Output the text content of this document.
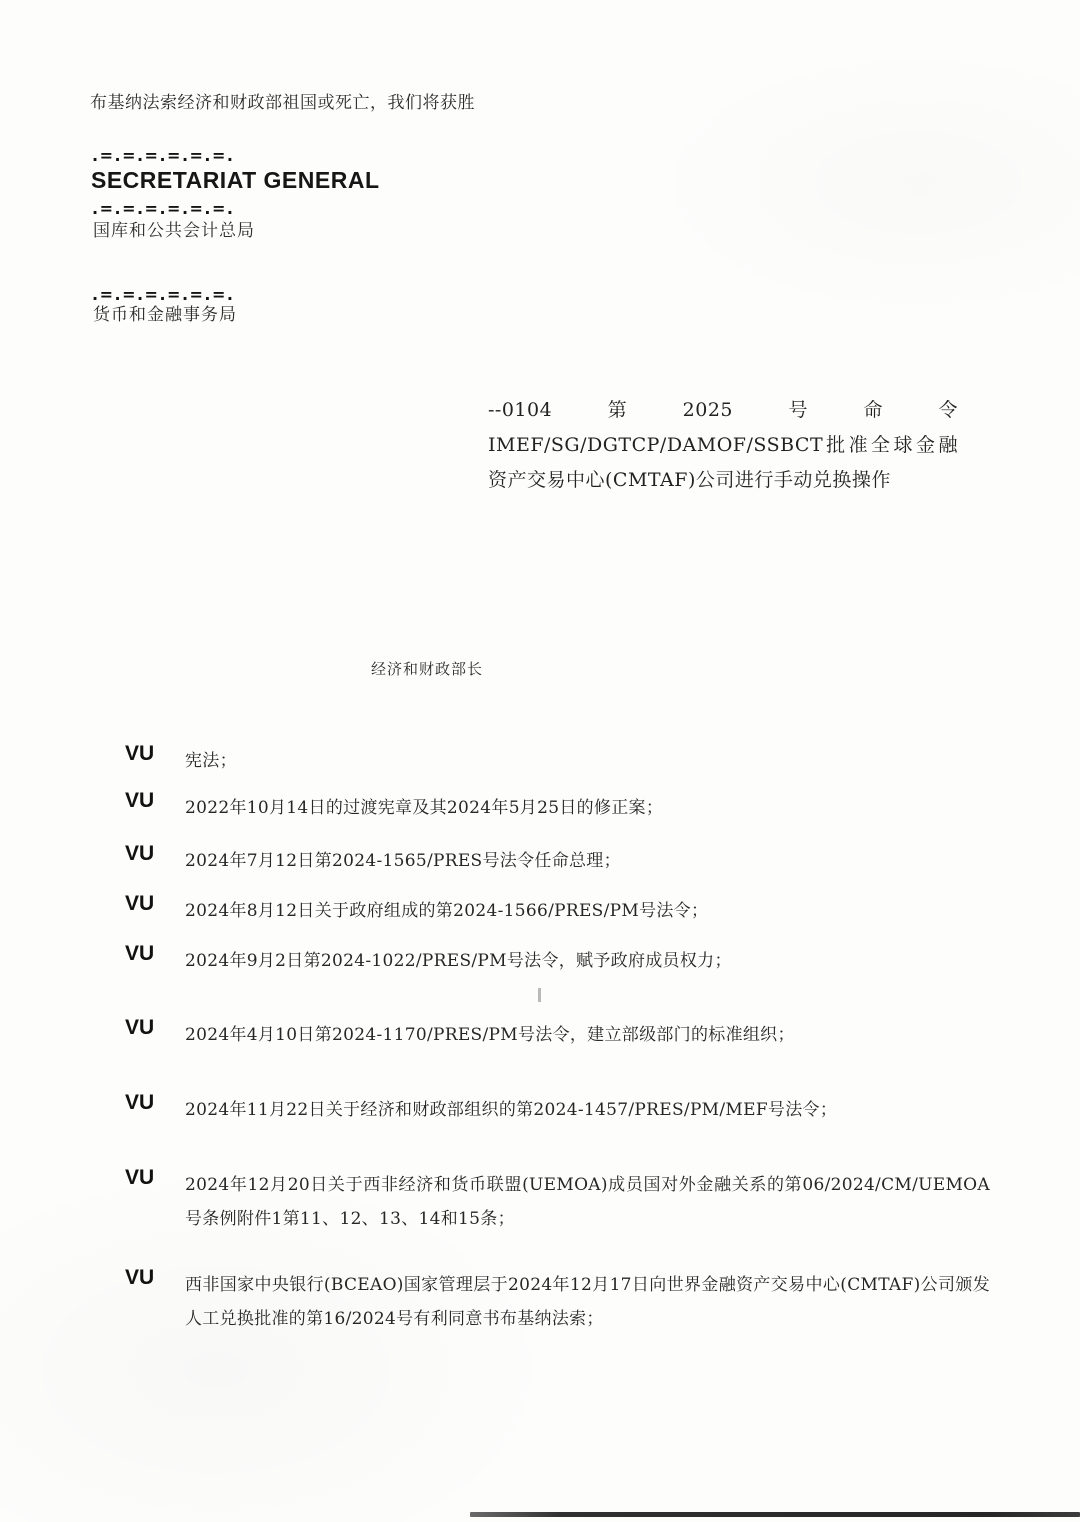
布基纳法索经济和财政部祖国或死亡，我们将获胜
.=.=.=.=.=.=.
SECRETARIAT GENERAL
.=.=.=.=.=.=.
国库和公共会计总局
.=.=.=.=.=.=.
货币和金融事务局
--0104第2025号命令IMEF/SG/DGTCP/DAMOF/SSBCT批准全球金融资产交易中心(CMTAF)公司进行手动兑换操作
经济和财政部长
VU 宪法；
VU 2022年10月14日的过渡宪章及其2024年5月25日的修正案；
VU 2024年7月12日第2024-1565/PRES号法令任命总理；
VU 2024年8月12日关于政府组成的第2024-1566/PRES/PM号法令；
VU 2024年9月2日第2024-1022/PRES/PM号法令，赋予政府成员权力；
VU 2024年4月10日第2024-1170/PRES/PM号法令，建立部级部门的标准组织；
VU 2024年11月22日关于经济和财政部组织的第2024-1457/PRES/PM/MEF号法令；
VU 2024年12月20日关于西非经济和货币联盟(UEMOA)成员国对外金融关系的第06/2024/CM/UEMOA号条例附件1第11、12、13、14和15条；
VU 西非国家中央银行(BCEAO)国家管理层于2024年12月17日向世界金融资产交易中心(CMTAF)公司颁发人工兑换批准的第16/2024号有利同意书布基纳法索；
